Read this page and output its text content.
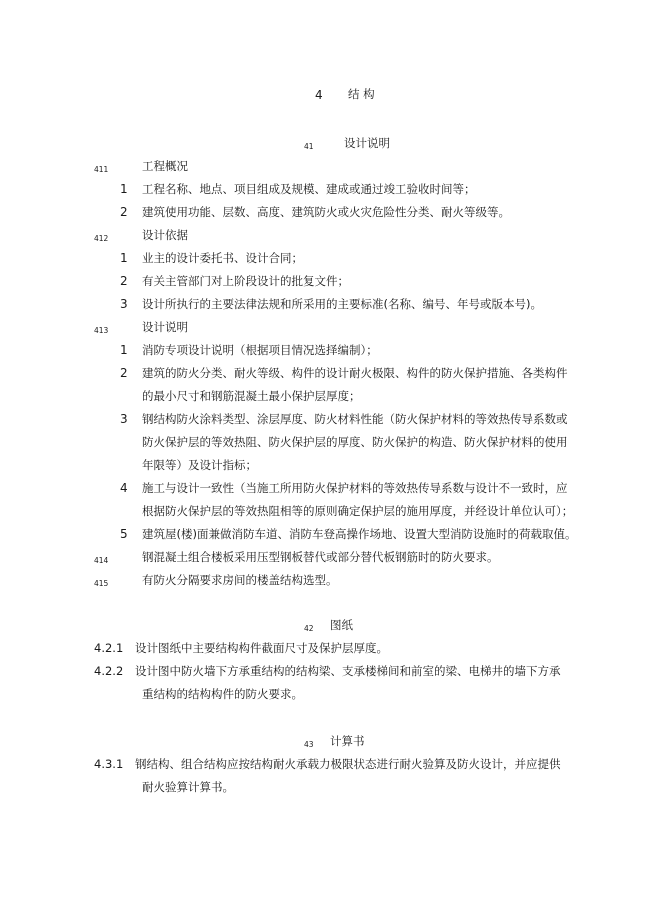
4 结 构
41	设计说明
411	工程概况
1 工程名称、地点、项目组成及规模、建成或通过竣工验收时间等；
2 建筑使用功能、层数、高度、建筑防火或火灾危险性分类、耐火等级等。
412	设计依据
1 业主的设计委托书、设计合同；
2 有关主管部门对上阶段设计的批复文件；
3 设计所执行的主要法律法规和所采用的主要标准(名称、编号、年号或版本号)。
413	设计说明
1 消防专项设计说明（根据项目情况选择编制）；
2 建筑的防火分类、耐火等级、构件的设计耐火极限、构件的防火保护措施、各类构件
的最小尺寸和钢筋混凝土最小保护层厚度；
3 钢结构防火涂料类型、涂层厚度、防火材料性能（防火保护材料的等效热传导系数或
防火保护层的等效热阻、防火保护层的厚度、防火保护的构造、防火保护材料的使用
年限等）及设计指标；
4 施工与设计一致性（当施工所用防火保护材料的等效热传导系数与设计不一致时，应
根据防火保护层的等效热阻相等的原则确定保护层的施用厚度，并经设计单位认可）；
5 建筑屋(楼)面兼做消防车道、消防车登高操作场地、设置大型消防设施时的荷载取值。
414	钢混凝土组合楼板采用压型钢板替代或部分替代板钢筋时的防火要求。
415	有防火分隔要求房间的楼盖结构选型。
42 图纸
4.2.1 设计图纸中主要结构构件截面尺寸及保护层厚度。
4.2.2 设计图中防火墙下方承重结构的结构梁、支承楼梯间和前室的梁、电梯井的墙下方承
重结构的结构构件的防火要求。
43 计算书
4.3.1 钢结构、组合结构应按结构耐火承载力极限状态进行耐火验算及防火设计，并应提供
耐火验算计算书。
